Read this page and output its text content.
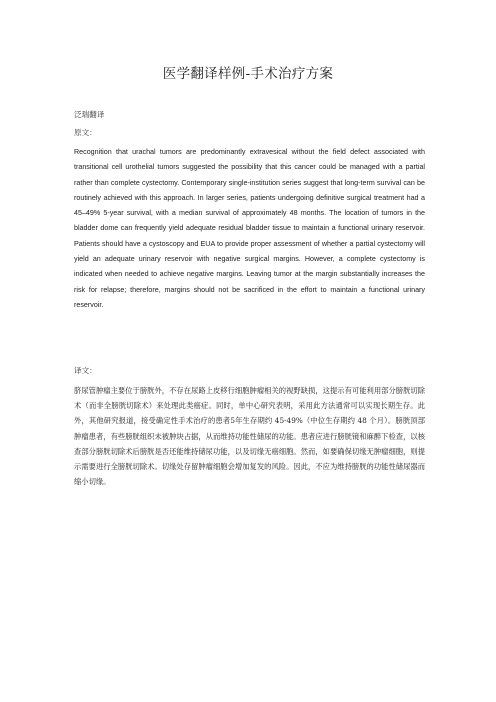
医学翻译样例-手术治疗方案
泛瑞翻译
原文：
Recognition that urachal tumors are predominantly extravesical without the field defect associated with transitional cell urothelial tumors suggested the possibility that this cancer could be managed with a partial rather than complete cystectomy. Contemporary single-institution series suggest that long-term survival can be routinely achieved with this approach. In larger series, patients undergoing definitive surgical treatment had a 45–49% 5-year survival, with a median survival of approximately 48 months. The location of tumors in the bladder dome can frequently yield adequate residual bladder tissue to maintain a functional urinary reservoir. Patients should have a cystoscopy and EUA to provide proper assessment of whether a partial cystectomy will yield an adequate urinary reservoir with negative surgical margins. However, a complete cystectomy is indicated when needed to achieve negative margins. Leaving tumor at the margin substantially increases the risk for relapse; therefore, margins should not be sacrificed in the effort to maintain a functional urinary reservoir.
译文：
脐尿管肿瘤主要位于膀胱外，不存在尿路上皮移行细胞肿瘤相关的视野缺损，这提示有可能利用部分膀胱切除术（而非全膀胱切除术）来处理此类癌症。同时，单中心研究表明，采用此方法通常可以实现长期生存。此外，其他研究报道，接受确定性手术治疗的患者5年生存期约 45-49%（中位生存期约 48 个月）。膀胱顶部肿瘤患者，有些膀胱组织未被肿块占据，从而维持功能性储尿的功能。患者应进行膀胱镜和麻醉下检查，以核查部分膀胱切除术后膀胱是否还能维持储尿功能，以及切缘无癌细胞。然而，如要确保切缘无肿瘤细胞，则提示需要进行全膀胱切除术。切缘处存留肿瘤细胞会增加复发的风险。因此，不应为维持膀胱的功能性储尿器而缩小切缘。
